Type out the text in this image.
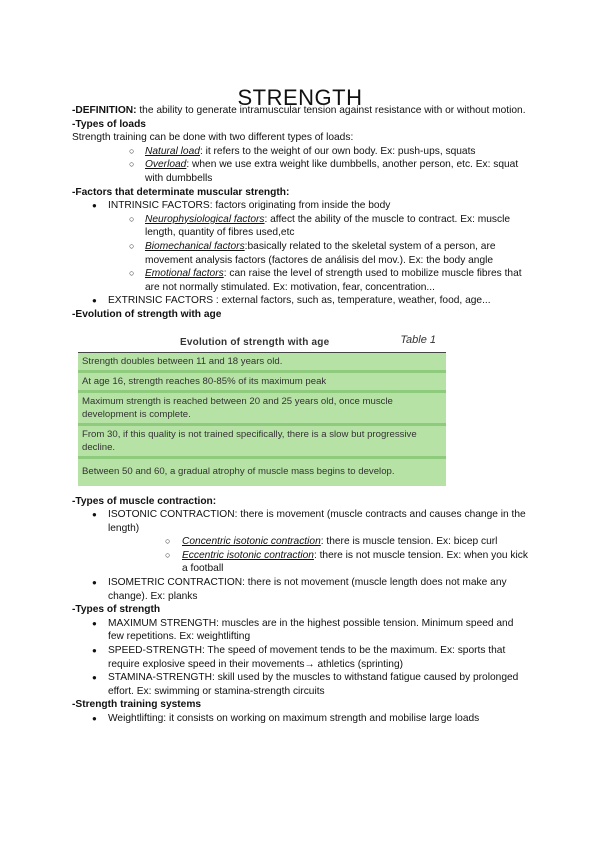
STRENGTH

-DEFINITION: the ability to generate intramuscular tension against resistance with or without motion.

-Types of loads

Strength training can be done with two different types of loads:

○ Natural load: it refers to the weight of our own body. Ex: push-ups, squats
○ Overload: when we use extra weight like dumbbells, another person, etc. Ex: squat with dumbbells

-Factors that determinate muscular strength:

● INTRINSIC FACTORS: factors originating from inside the body
○ Neurophysiological factors: affect the ability of the muscle to contract. Ex: muscle length, quantity of fibres used,etc
○ Biomechanical factors:basically related to the skeletal system of a person, are movement analysis factors (factores de análisis del mov.). Ex: the body angle
○ Emotional factors: can raise the level of strength used to mobilize muscle fibres that are not normally stimulated. Ex: motivation, fear, concentration...
● EXTRINSIC FACTORS : external factors, such as, temperature, weather, food, age...

-Evolution of strength with age

Evolution of strength with age	Table 1
Strength doubles between 11 and 18 years old.
At age 16, strength reaches 80-85% of its maximum peak
Maximum strength is reached between 20 and 25 years old, once muscle development is complete.
From 30, if this quality is not trained specifically, there is a slow but progressive decline.
Between 50 and 60, a gradual atrophy of muscle mass begins to develop.

-Types of muscle contraction:

● ISOTONIC CONTRACTION: there is movement (muscle contracts and causes change in the length)
○ Concentric isotonic contraction: there is muscle tension. Ex: bicep curl
○ Eccentric isotonic contraction: there is not muscle tension. Ex: when you kick a football
● ISOMETRIC CONTRACTION: there is not movement (muscle length does not make any change). Ex: planks

-Types of strength

● MAXIMUM STRENGTH: muscles are in the highest possible tension. Minimum speed and few repetitions. Ex: weightlifting
● SPEED-STRENGTH: The speed of movement tends to be the maximum. Ex: sports that require explosive speed in their movements→ athletics (sprinting)
● STAMINA-STRENGTH: skill used by the muscles to withstand fatigue caused by prolonged effort. Ex: swimming or stamina-strength circuits

-Strength training systems

● Weightlifting: it consists on working on maximum strength and mobilise large loads
